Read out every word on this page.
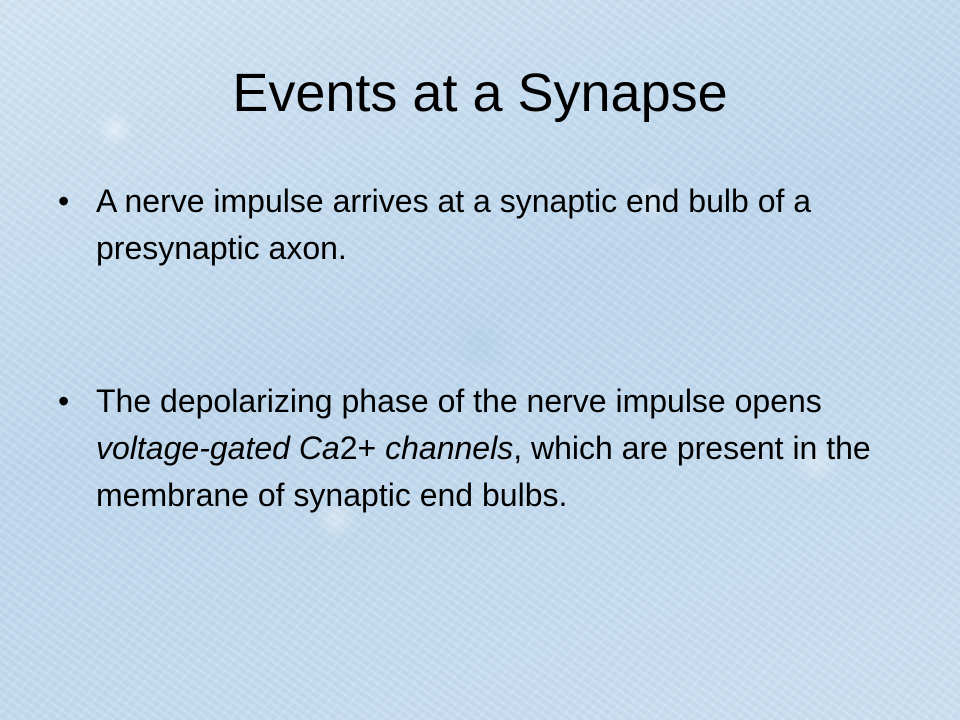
Events at a Synapse
• A nerve impulse arrives at a synaptic end bulb of a presynaptic axon.
• The depolarizing phase of the nerve impulse opens voltage-gated Ca2+ channels, which are present in the membrane of synaptic end bulbs.
